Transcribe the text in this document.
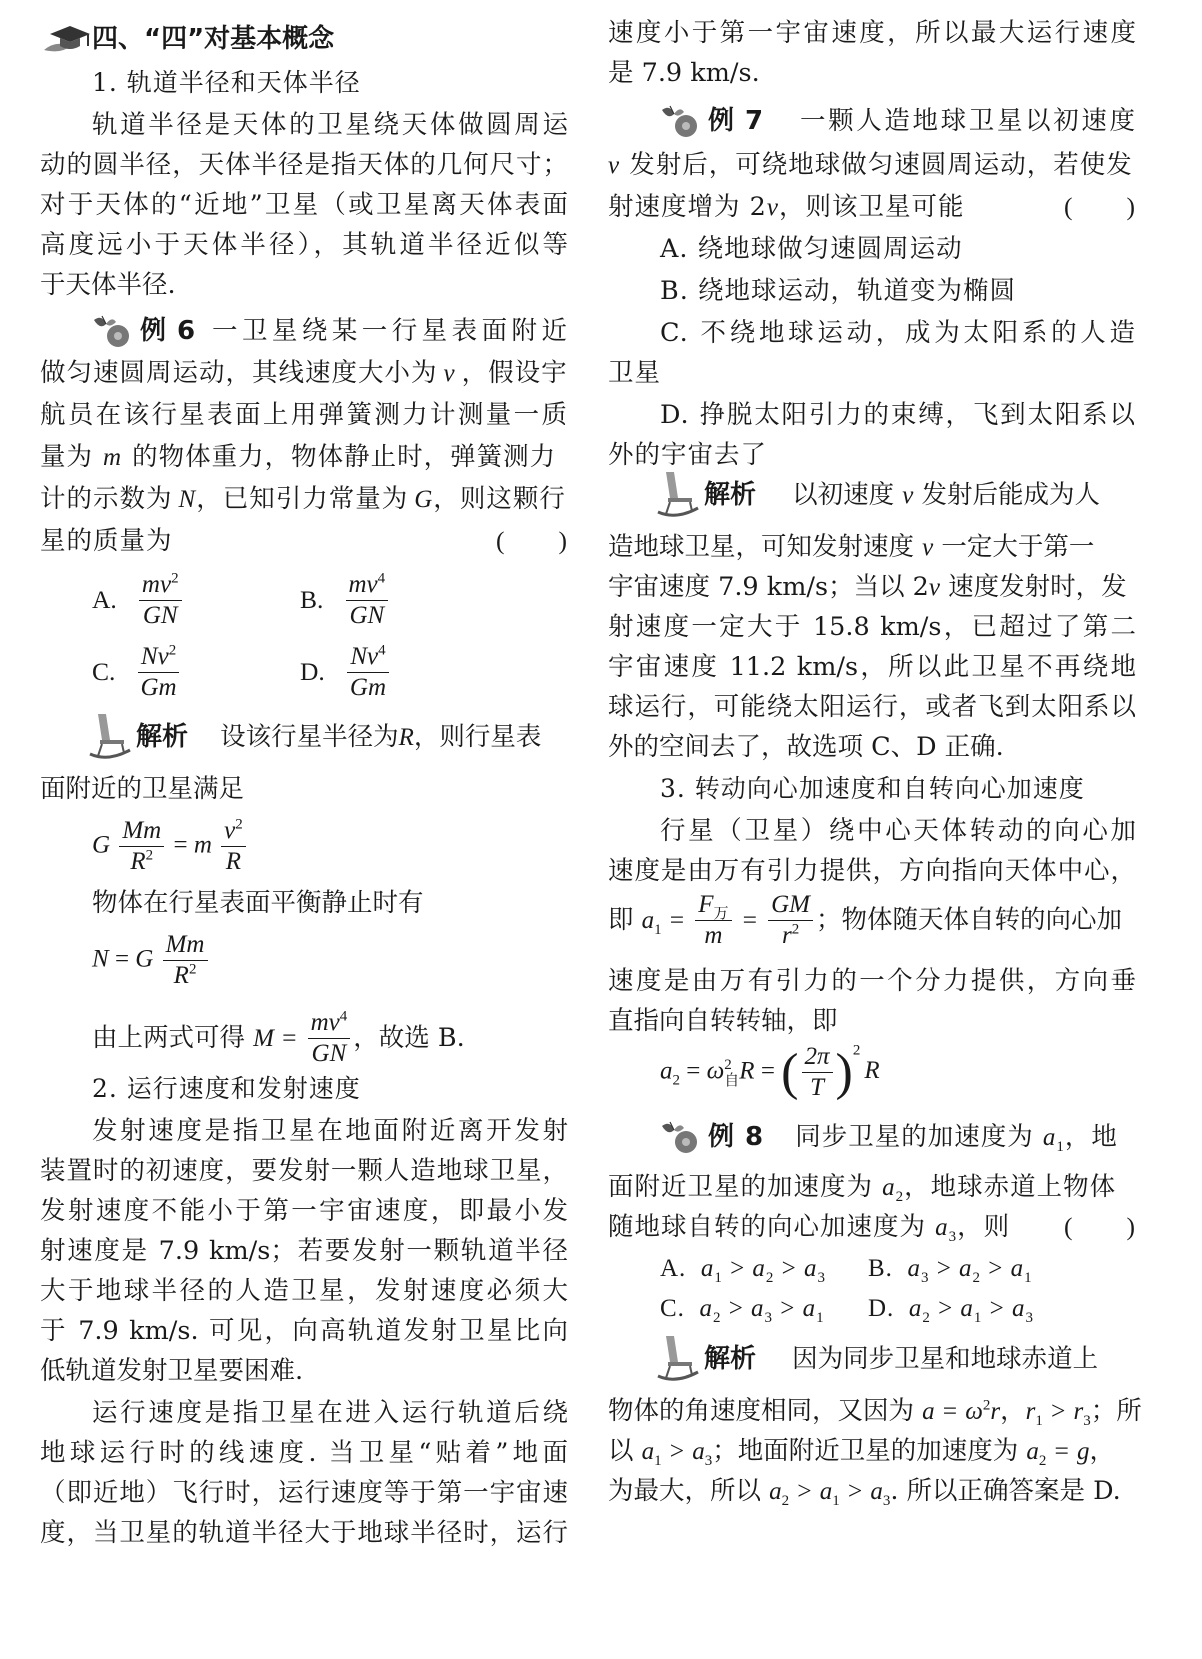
四、“四”对基本概念
1. 轨道半径和天体半径
轨道半径是天体的卫星绕天体做圆周运
动的圆半径，天体半径是指天体的几何尺寸；
对于天体的“近地”卫星（或卫星离天体表面
高度远小于天体半径），其轨道半径近似等
于天体半径.
例 6 一卫星绕某一行星表面附近
做匀速圆周运动，其线速度大小为 v ，假设宇
航员在该行星表面上用弹簧测力计测量一质
量为 m 的物体重力，物体静止时，弹簧测力
计的示数为 N，已知引力常量为 G，则这颗行
星的质量为	(　　)
A. $\frac{mv^2}{GN}$	B. $\frac{mv^4}{GN}$
C. $\frac{Nv^2}{Gm}$	D. $\frac{Nv^4}{Gm}$
解析 设该行星半径为R，则行星表
面附近的卫星满足
G $\frac{Mm}{R^2} = m \frac{v^2}{R}$
物体在行星表面平衡静止时有
N = G $\frac{Mm}{R^2}$
由上两式可得 $M = \frac{mv^4}{GN}$ ，故选 B.
2. 运行速度和发射速度
发射速度是指卫星在地面附近离开发射
装置时的初速度，要发射一颗人造地球卫星，
发射速度不能小于第一宇宙速度，即最小发
射速度是 7.9 km/s；若要发射一颗轨道半径
大于地球半径的人造卫星，发射速度必须大
于 7.9 km/s. 可见，向高轨道发射卫星比向
低轨道发射卫星要困难.
运行速度是指卫星在进入运行轨道后绕
地球运行时的线速度. 当卫星“贴着”地面
（即近地）飞行时，运行速度等于第一宇宙速
度，当卫星的轨道半径大于地球半径时，运行
速度小于第一宇宙速度，所以最大运行速度
是 7.9 km/s.
例 7 一颗人造地球卫星以初速度
v 发射后，可绕地球做匀速圆周运动，若使发
射速度增为 2v，则该卫星可能	(　　)
A. 绕地球做匀速圆周运动
B. 绕地球运动，轨道变为椭圆
C. 不绕地球运动，成为太阳系的人造
卫星
D. 挣脱太阳引力的束缚，飞到太阳系以
外的宇宙去了
解析 以初速度 v 发射后能成为人
造地球卫星，可知发射速度 v 一定大于第一
宇宙速度 7.9 km/s；当以 2v 速度发射时，发
射速度一定大于 15.8 km/s，已超过了第二
宇宙速度 11.2 km/s，所以此卫星不再绕地
球运行，可能绕太阳运行，或者飞到太阳系以
外的空间去了，故选项 C、D 正确.
3. 转动向心加速度和自转向心加速度
行星（卫星）绕中心天体转动的向心加
速度是由万有引力提供，方向指向天体中心，
即 $a_1 = \frac{F_万}{m} = \frac{GM}{r^2}$ ；物体随天体自转的向心加
速度是由万有引力的一个分力提供，方向垂
直指向自转转轴，即
$a_2 = \omega$ 2
自 R = ( $\frac{2\pi}{T} )^2R$
例 8 同步卫星的加速度为 $a_1$，地
面附近卫星的加速度为 $a_2$，地球赤道上物体
随地球自转的向心加速度为 $a_3$，则 (　　)
A.  $a_1 > a_2 > a_3$ B.  $a_3 > a_2 > a_1$
C.  $a_2 > a_3 > a_1$ D.  $a_2 > a_1 > a_3$
解析 因为同步卫星和地球赤道上
物体的角速度相同，又因为 $a = \omega^2r$，$r_1 > r_3$；所
以 $a_1 > a_3$；地面附近卫星的加速度为 $a_2 = g$，
为最大，所以 $a_2 > a_1 > a_3$. 所以正确答案是 D.
